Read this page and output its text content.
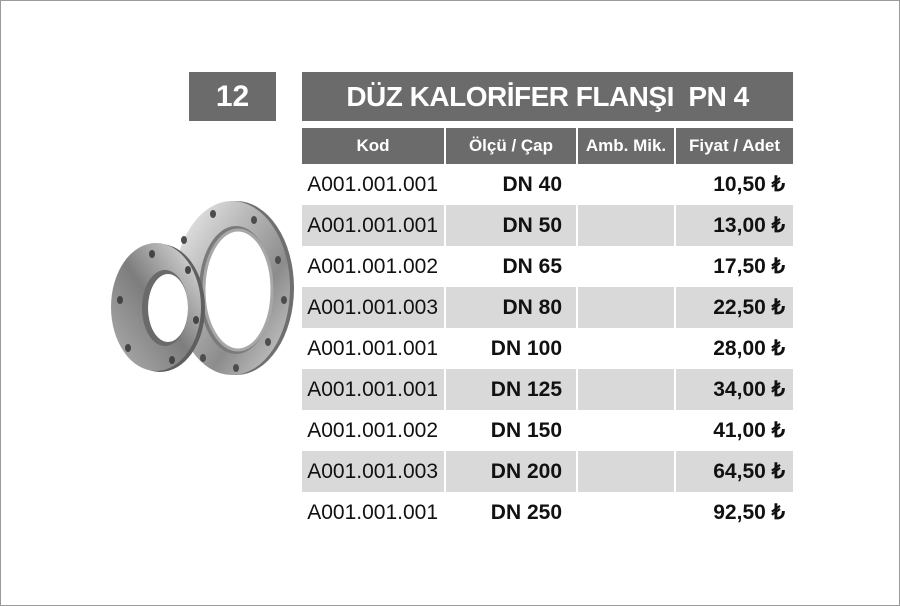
12	DÜZ KALORİFER FLANŞI  PN 4
Kod	Ölçü / Çap	Amb. Mik.	Fiyat / Adet
A001.001.001	DN 40		10,50 ₺
A001.001.001	DN 50		13,00 ₺
A001.001.002	DN 65		17,50 ₺
A001.001.003	DN 80		22,50 ₺
A001.001.001	DN 100		28,00 ₺
A001.001.001	DN 125		34,00 ₺
A001.001.002	DN 150		41,00 ₺
A001.001.003	DN 200		64,50 ₺
A001.001.001	DN 250		92,50 ₺
